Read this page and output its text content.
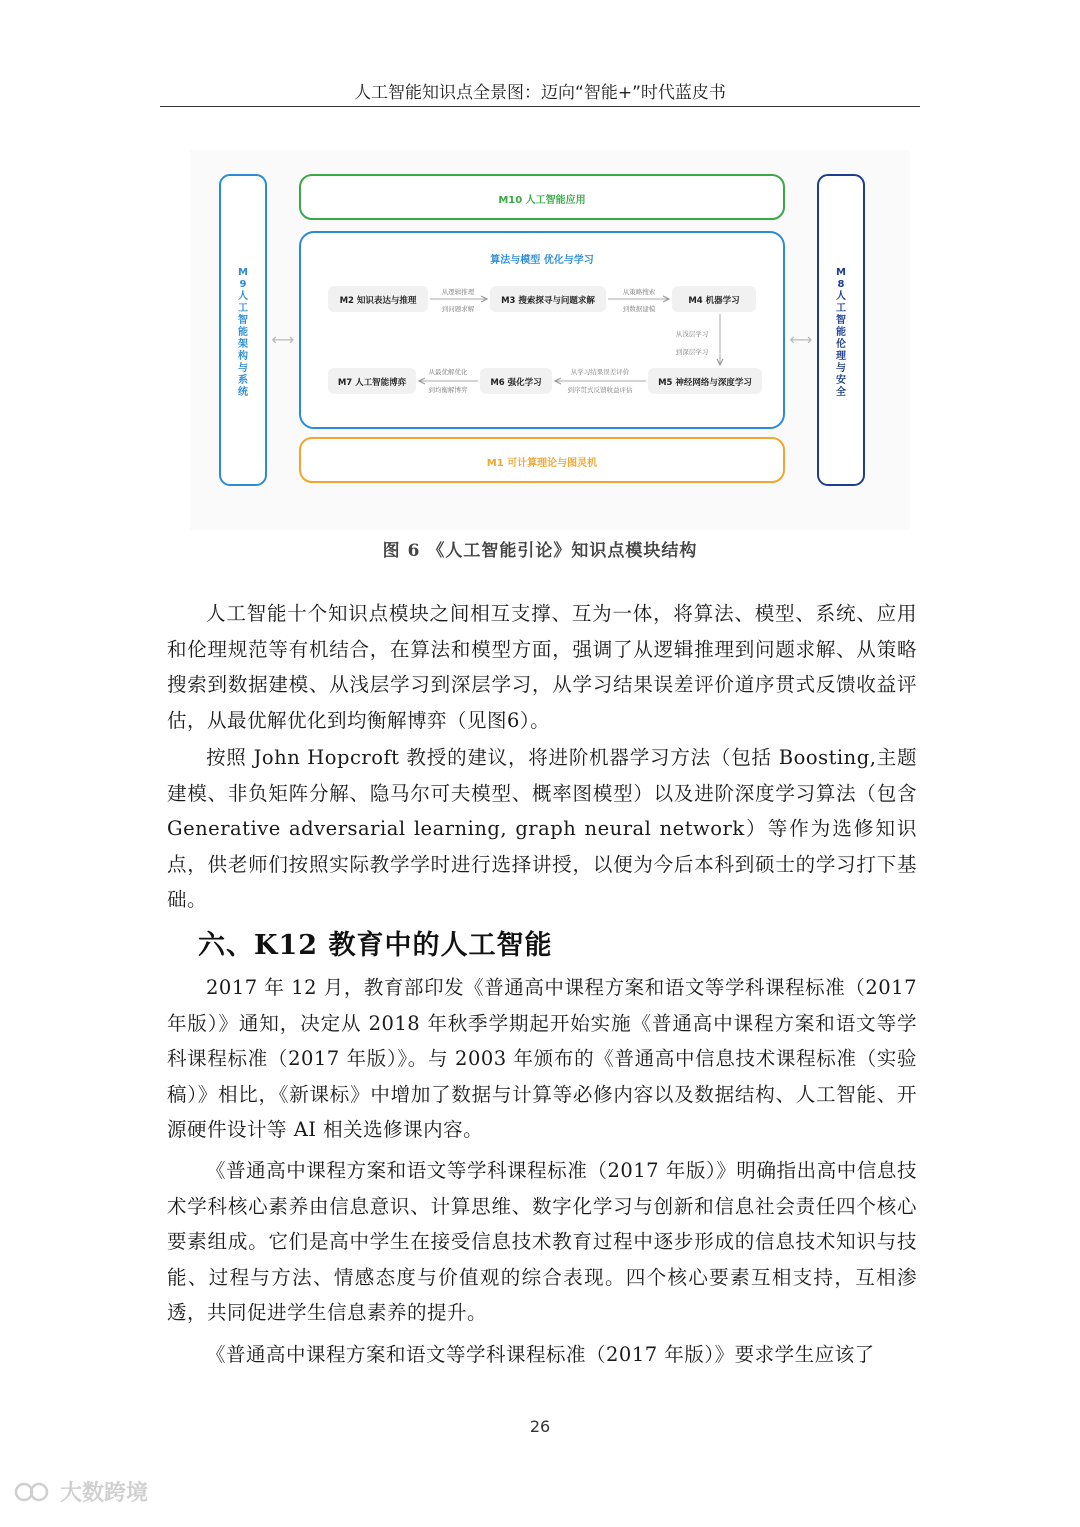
人工智能知识点全景图：迈向“智能+”时代蓝皮书
M 9 人工智能架构与系统
M 8 人工智能伦理与安全
M10 人工智能应用
算法与模型 优化与学习
M1 可计算理论与图灵机
⟷	⟷
M2 知识表达与推理	M3 搜索探寻与问题求解	M4 机器学习
M5 神经网络与深度学习
M6 强化学习
M7 人工智能博弈
从逻辑推理
到问题求解
从策略搜索
到数据建模
从浅层学习
到深层学习
从学习结果误差评价
到序贯式反馈收益评估
从最优解优化
到均衡解博弈
图 6 《人工智能引论》知识点模块结构

人工智能十个知识点模块之间相互支撑、互为一体，将算法、模型、系统、应用和伦理规范等有机结合，在算法和模型方面，强调了从逻辑推理到问题求解、从策略搜索到数据建模、从浅层学习到深层学习，从学习结果误差评价道序贯式反馈收益评估，从最优解优化到均衡解博弈（见图6）。

按照 John Hopcroft 教授的建议，将进阶机器学习方法（包括 Boosting,主题建模、非负矩阵分解、隐马尔可夫模型、概率图模型）以及进阶深度学习算法（包含 Generative adversarial learning, graph neural network）等作为选修知识点，供老师们按照实际教学学时进行选择讲授，以便为今后本科到硕士的学习打下基础。

六、K12 教育中的人工智能

2017 年 12 月，教育部印发《普通高中课程方案和语文等学科课程标准（2017 年版）》通知，决定从 2018 年秋季学期起开始实施《普通高中课程方案和语文等学科课程标准（2017 年版）》。与 2003 年颁布的《普通高中信息技术课程标准（实验稿）》相比，《新课标》中增加了数据与计算等必修内容以及数据结构、人工智能、开源硬件设计等 AI 相关选修课内容。

《普通高中课程方案和语文等学科课程标准（2017 年版）》明确指出高中信息技术学科核心素养由信息意识、计算思维、数字化学习与创新和信息社会责任四个核心要素组成。它们是高中学生在接受信息技术教育过程中逐步形成的信息技术知识与技能、过程与方法、情感态度与价值观的综合表现。四个核心要素互相支持，互相渗透，共同促进学生信息素养的提升。

《普通高中课程方案和语文等学科课程标准（2017 年版）》要求学生应该了

26
大数跨境
